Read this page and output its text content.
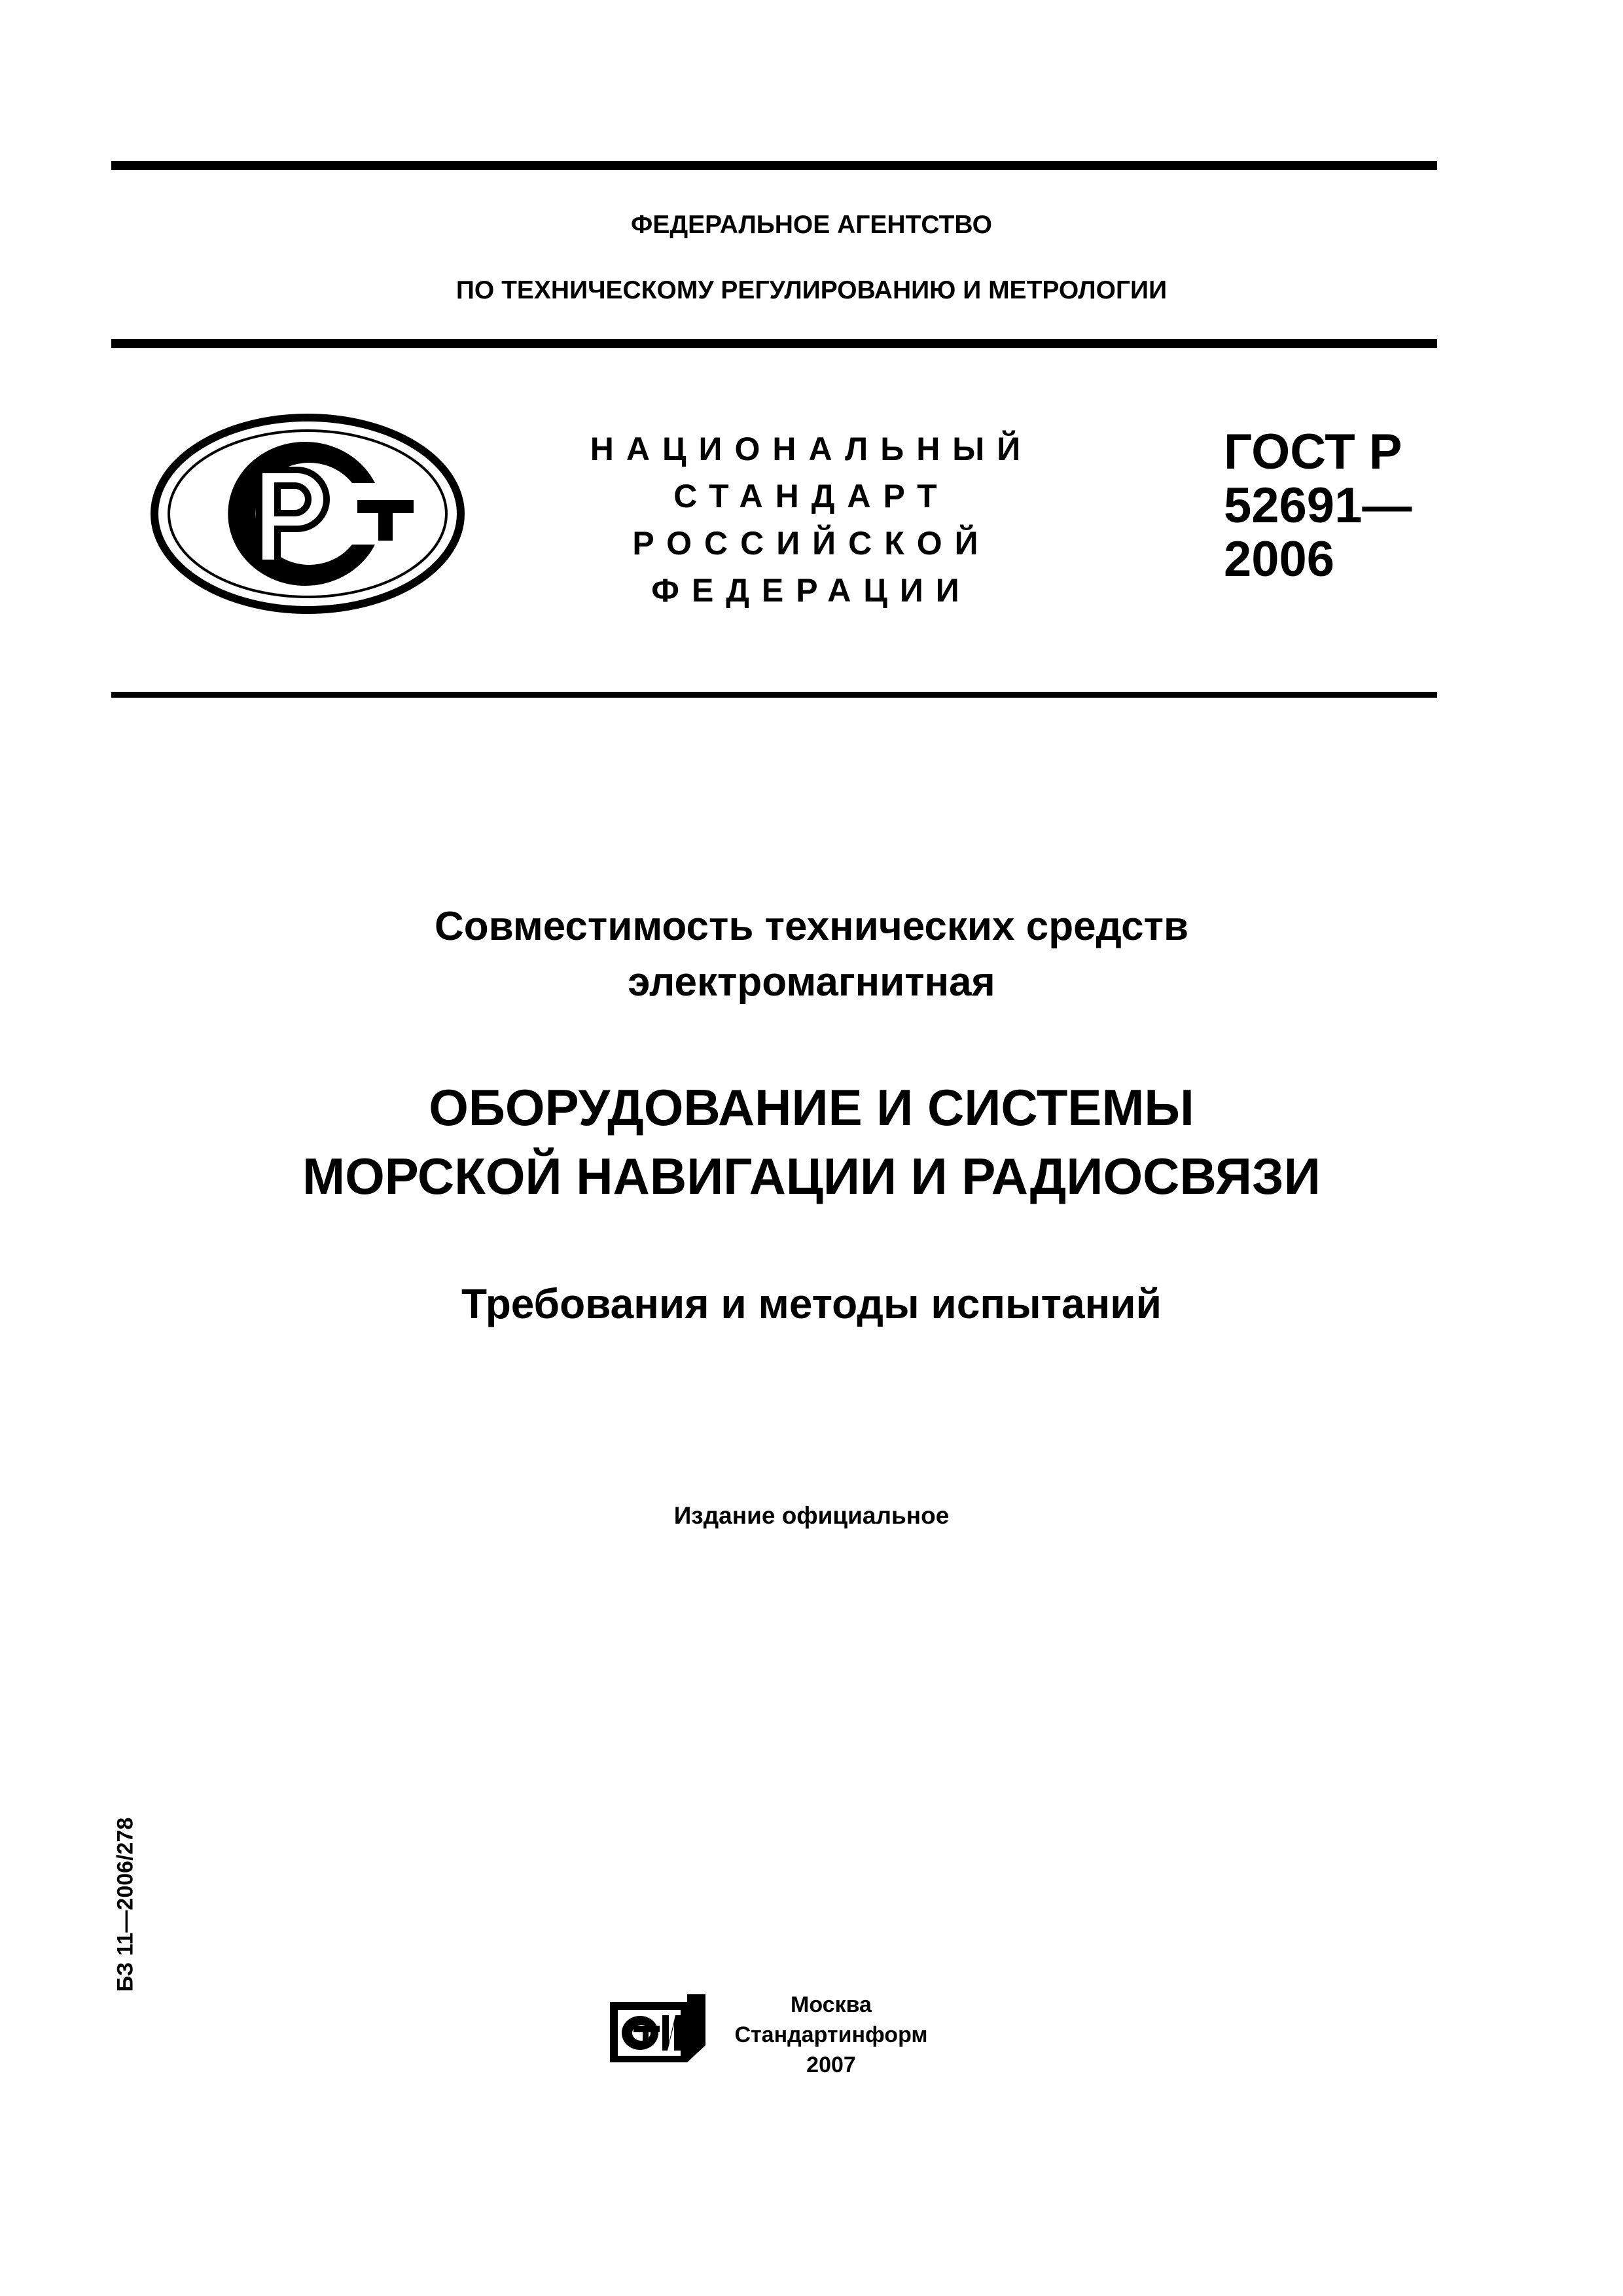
ФЕДЕРАЛЬНОЕ АГЕНТСТВО
ПО ТЕХНИЧЕСКОМУ РЕГУЛИРОВАНИЮ И МЕТРОЛОГИИ
НАЦИОНАЛЬНЫЙ
СТАНДАРТ
РОССИЙСКОЙ
ФЕДЕРАЦИИ
ГОСТ Р
52691—
2006
Совместимость технических средств
электромагнитная
ОБОРУДОВАНИЕ И СИСТЕМЫ
МОРСКОЙ НАВИГАЦИИ И РАДИОСВЯЗИ
Требования и методы испытаний
Издание официальное
БЗ 11—2006/278
Москва
Стандартинформ
2007
